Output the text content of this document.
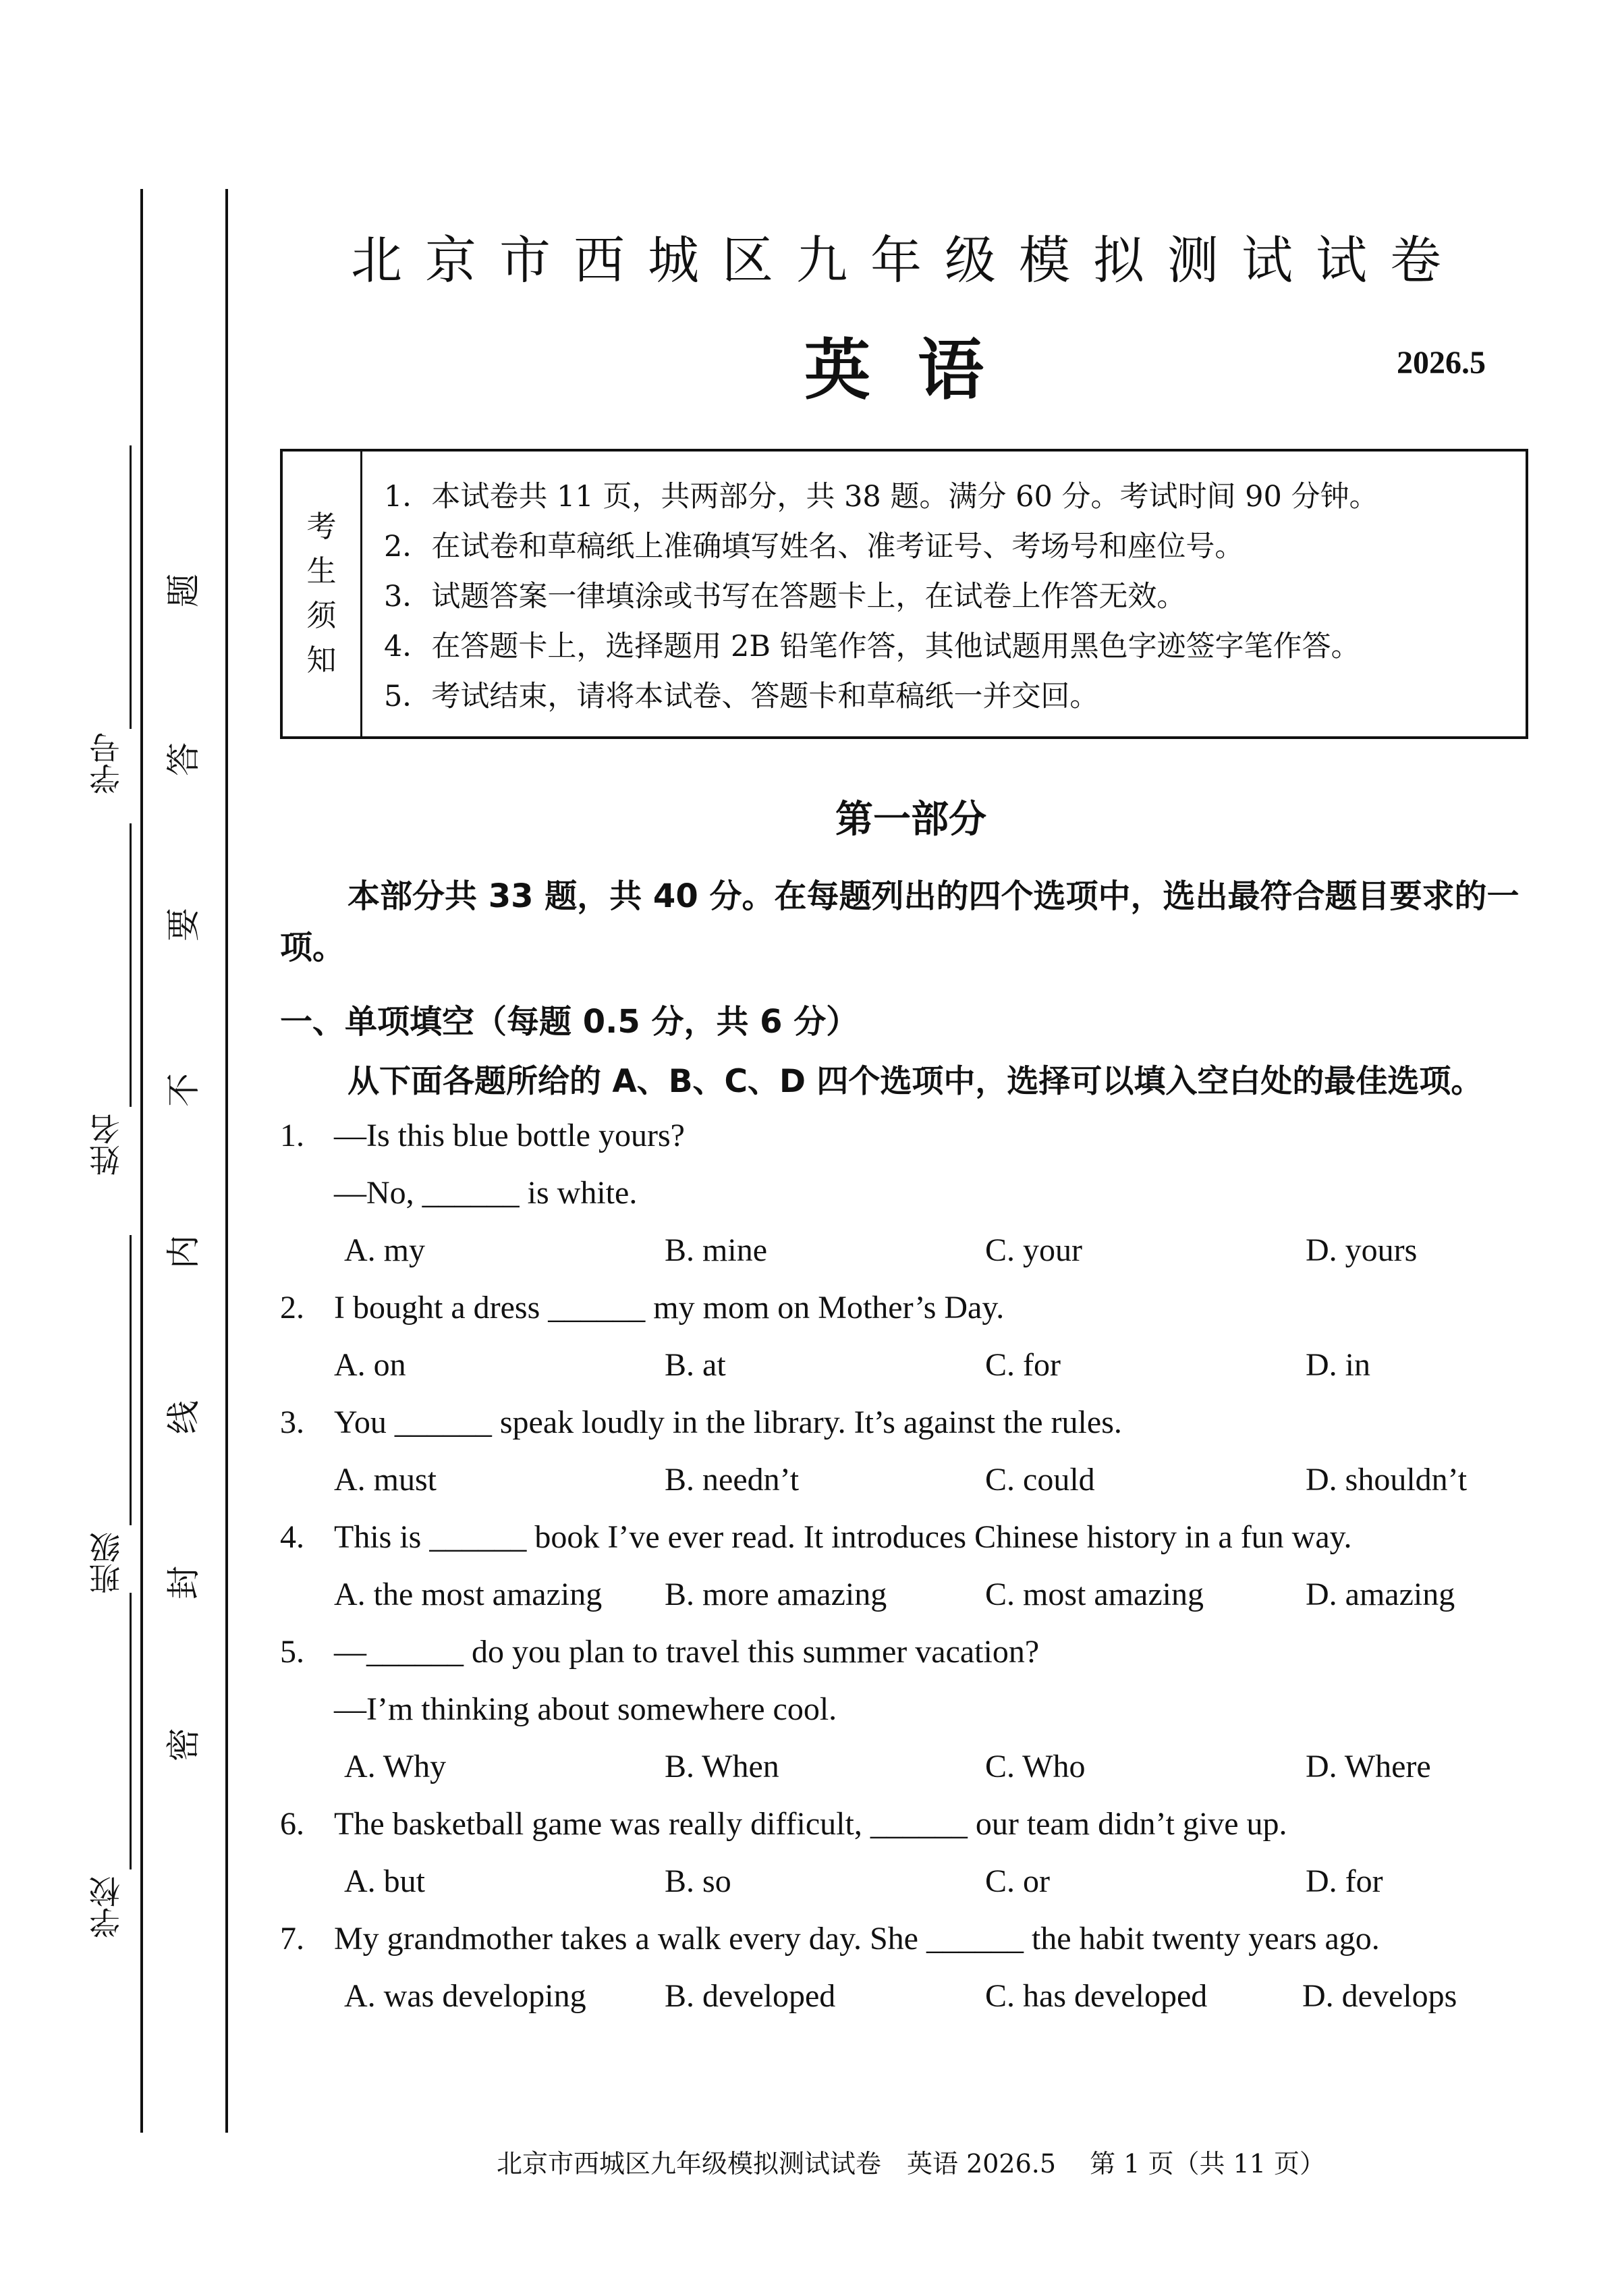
学号
姓名
班级
学校
题
答
要
不
内
线
封
密
北京市西城区九年级模拟测试试卷
英语	2026.5
考
生
须
知
1．本试卷共 11 页，共两部分，共 38 题。满分 60 分。考试时间 90 分钟。
2．在试卷和草稿纸上准确填写姓名、准考证号、考场号和座位号。
3．试题答案一律填涂或书写在答题卡上，在试卷上作答无效。
4．在答题卡上，选择题用 2B 铅笔作答，其他试题用黑色字迹签字笔作答。
5．考试结束，请将本试卷、答题卡和草稿纸一并交回。
第一部分
本部分共 33 题，共 40 分。在每题列出的四个选项中，选出最符合题目要求的一项。
一、单项填空（每题 0.5 分，共 6 分）
从下面各题所给的 A、B、C、D 四个选项中，选择可以填入空白处的最佳选项。
1. —Is this blue bottle yours?
—No, ______ is white.
A. my	B. mine	C. your	D. yours
2. I bought a dress ______ my mom on Mother’s Day.
A. on	B. at	C. for	D. in
3. You ______ speak loudly in the library. It’s against the rules.
A. must	B. needn’t	C. could	D. shouldn’t
4. This is ______ book I’ve ever read. It introduces Chinese history in a fun way.
A. the most amazing B. more amazing	C. most amazing	D. amazing
5. —______ do you plan to travel this summer vacation?
—I’m thinking about somewhere cool.
A. Why	B. When	C. Who	D. Where
6. The basketball game was really difficult, ______ our team didn’t give up.
A. but	B. so	C. or	D. for
7. My grandmother takes a walk every day. She ______ the habit twenty years ago.
A. was developing B. developed	C. has developed	D. develops
北京市西城区九年级模拟测试试卷　英语 2026.5　 第 1 页（共 11 页）
